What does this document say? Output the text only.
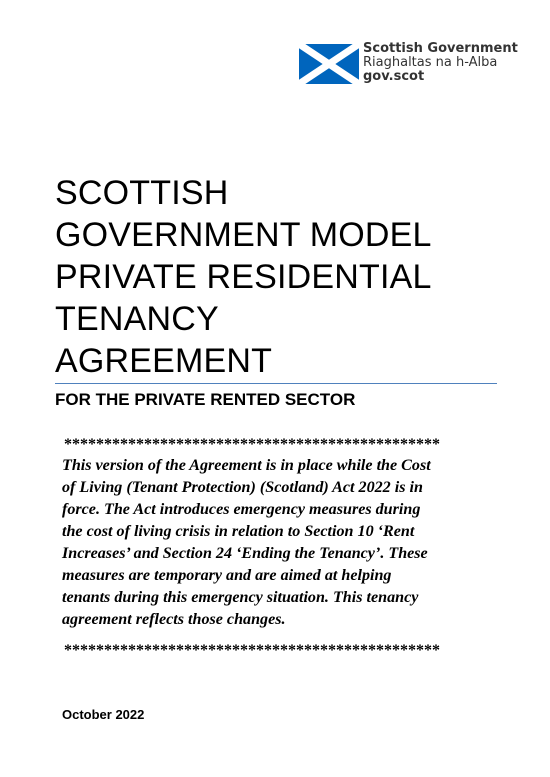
Scottish Government
Riaghaltas na h-Alba
gov.scot
SCOTTISH
GOVERNMENT MODEL
PRIVATE RESIDENTIAL
TENANCY
AGREEMENT
FOR THE PRIVATE RENTED SECTOR
***********************************************
This version of the Agreement is in place while the Cost
of Living (Tenant Protection) (Scotland) Act 2022 is in
force. The Act introduces emergency measures during
the cost of living crisis in relation to Section 10 ‘Rent
Increases’ and Section 24 ‘Ending the Tenancy’. These
measures are temporary and are aimed at helping
tenants during this emergency situation. This tenancy
agreement reflects those changes.
***********************************************
October 2022
